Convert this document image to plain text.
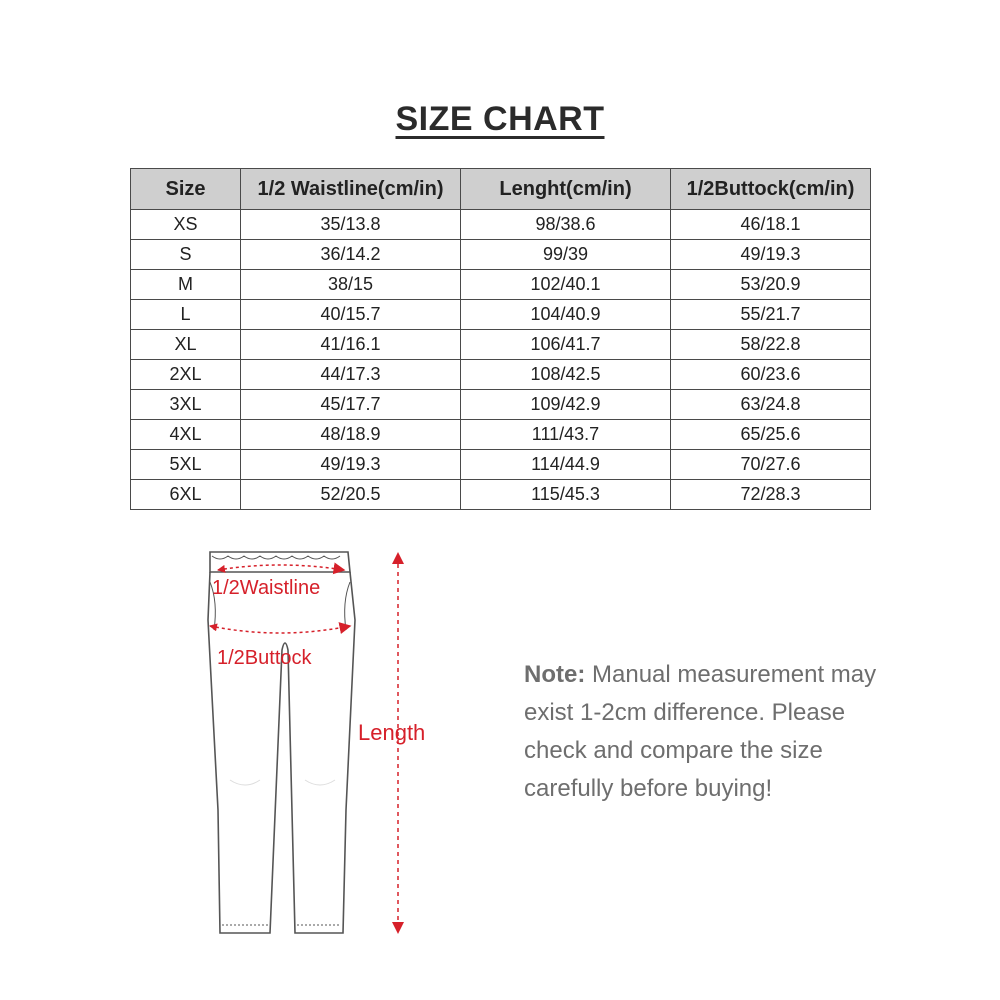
SIZE CHART
Size	1/2 Waistline(cm/in)	Lenght(cm/in)	1/2Buttock(cm/in)
XS	35/13.8	98/38.6	46/18.1
S	36/14.2	99/39	49/19.3
M	38/15	102/40.1	53/20.9
L	40/15.7	104/40.9	55/21.7
XL	41/16.1	106/41.7	58/22.8
2XL	44/17.3	108/42.5	60/23.6
3XL	45/17.7	109/42.9	63/24.8
4XL	48/18.9	111/43.7	65/25.6
5XL	49/19.3	114/44.9	70/27.6
6XL	52/20.5	115/45.3	72/28.3
1/2Waistline
1/2Buttock
Length
Note: Manual measurement may exist 1-2cm difference. Please check and compare the size carefully before buying!
